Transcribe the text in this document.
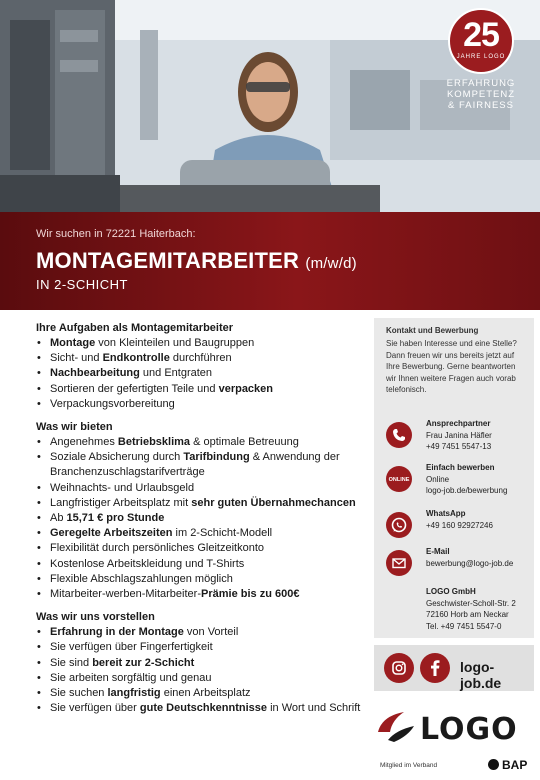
25
JAHRE LOGO
ERFAHRUNG
KOMPETENZ
& FAIRNESS
Wir suchen in 72221 Haiterbach:
MONTAGEMITARBEITER (m/w/d)
IN 2-SCHICHT
Ihre Aufgaben als Montagemitarbeiter
• Montage von Kleinteilen und Baugruppen
• Sicht- und Endkontrolle durchführen
• Nachbearbeitung und Entgraten
• Sortieren der gefertigten Teile und verpacken
• Verpackungsvorbereitung
Was wir bieten
• Angenehmes Betriebsklima & optimale Betreuung
• Soziale Absicherung durch Tarifbindung & Anwendung der Branchenzuschlagstarifverträge
• Weihnachts- und Urlaubsgeld
• Langfristiger Arbeitsplatz mit sehr guten Übernahmechancen
• Ab 15,71 € pro Stunde
• Geregelte Arbeitszeiten im 2-Schicht-Modell
• Flexibilität durch persönliches Gleitzeitkonto
• Kostenlose Arbeitskleidung und T-Shirts
• Flexible Abschlagszahlungen möglich
• Mitarbeiter-werben-Mitarbeiter-Prämie bis zu 600€
Was wir uns vorstellen
• Erfahrung in der Montage von Vorteil
• Sie verfügen über Fingerfertigkeit
• Sie sind bereit zur 2-Schicht
• Sie arbeiten sorgfältig und genau
• Sie suchen langfristig einen Arbeitsplatz
• Sie verfügen über gute Deutschkenntnisse in Wort und Schrift
Kontakt und Bewerbung
Sie haben Interesse und eine Stelle? Dann freuen wir uns bereits jetzt auf Ihre Bewerbung. Gerne beantworten wir Ihnen weitere Fragen auch vorab telefonisch.
Ansprechpartner
Frau Janina Häfler
+49 7451 5547-13
ONLINE
Einfach bewerben
Online
logo-job.de/bewerbung
WhatsApp
+49 160 92927246
E-Mail
bewerbung@logo-job.de
LOGO GmbH
Geschwister-Scholl-Str. 2
72160 Horb am Neckar
Tel. +49 7451 5547-0
logo-job.de
LOGO
Mitglied im Verband	BAP
